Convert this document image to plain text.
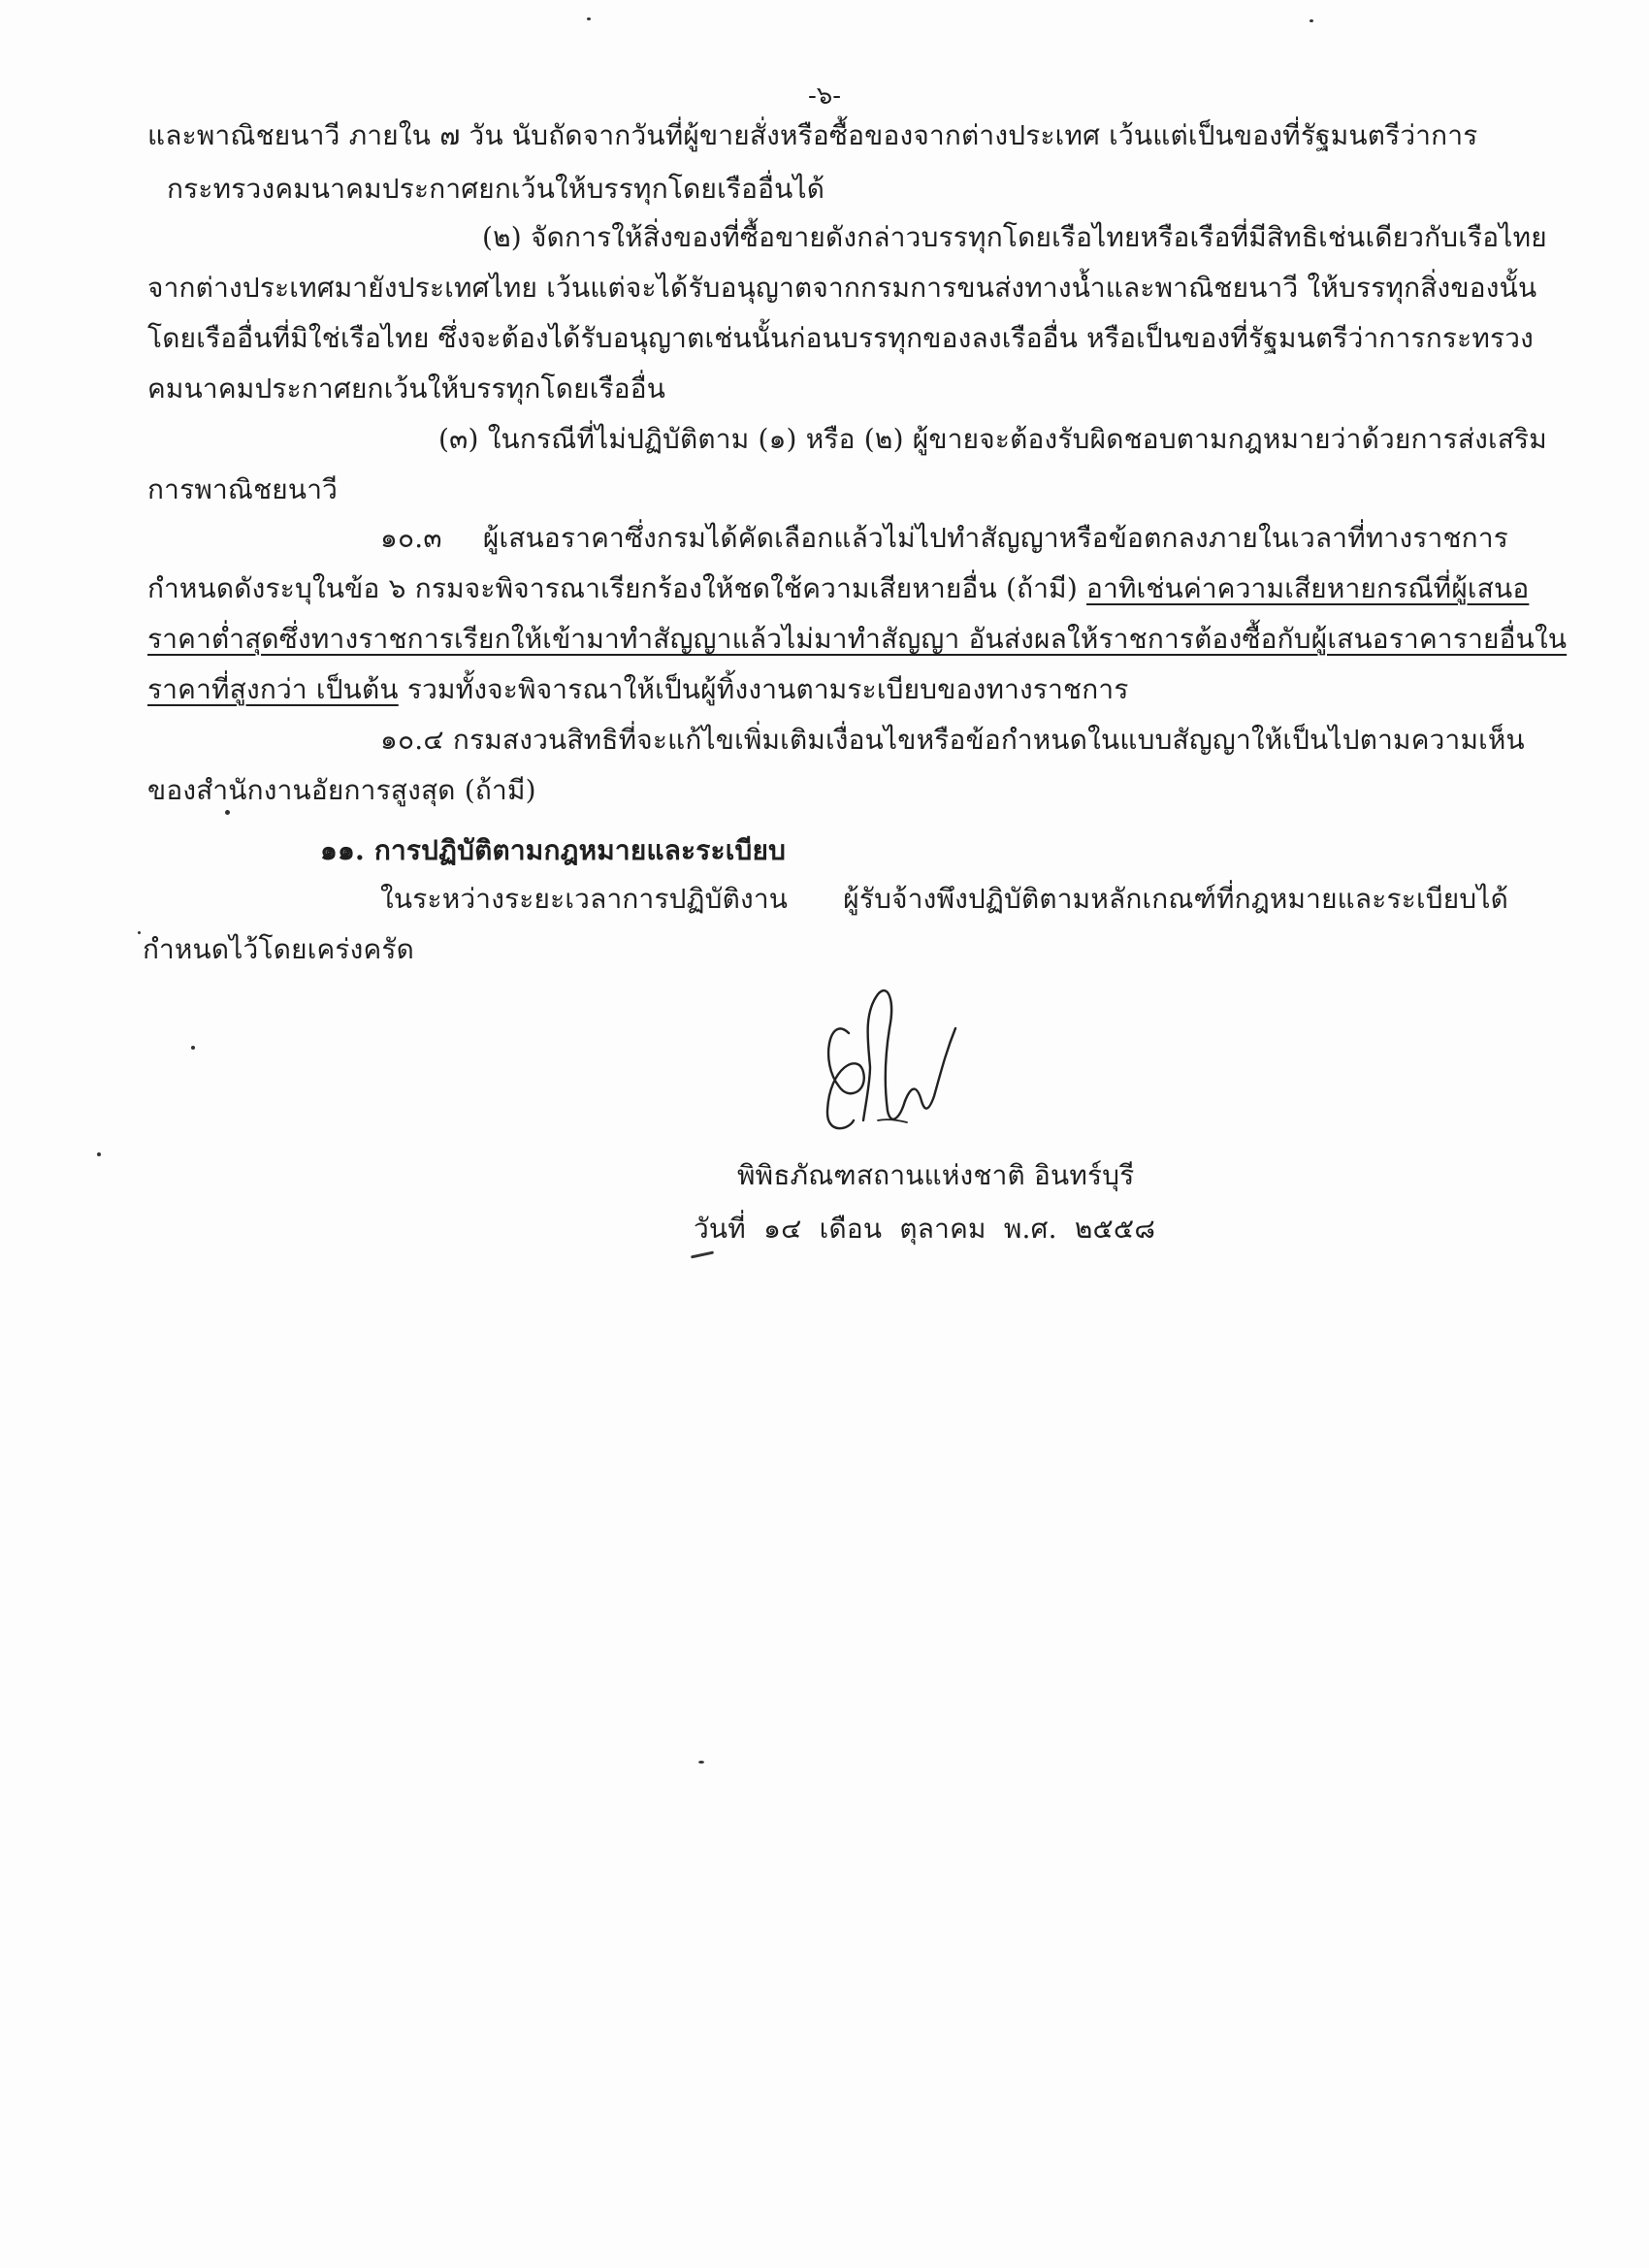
-๖-
และพาณิชยนาวี ภายใน ๗ วัน นับถัดจากวันที่ผู้ขายสั่งหรือซื้อของจากต่างประเทศ เว้นแต่เป็นของที่รัฐมนตรีว่าการ
กระทรวงคมนาคมประกาศยกเว้นให้บรรทุกโดยเรืออื่นได้
(๒) จัดการให้สิ่งของที่ซื้อขายดังกล่าวบรรทุกโดยเรือไทยหรือเรือที่มีสิทธิเช่นเดียวกับเรือไทย
จากต่างประเทศมายังประเทศไทย เว้นแต่จะได้รับอนุญาตจากกรมการขนส่งทางน้ำและพาณิชยนาวี ให้บรรทุกสิ่งของนั้น
โดยเรืออื่นที่มิใช่เรือไทย ซึ่งจะต้องได้รับอนุญาตเช่นนั้นก่อนบรรทุกของลงเรืออื่น หรือเป็นของที่รัฐมนตรีว่าการกระทรวง
คมนาคมประกาศยกเว้นให้บรรทุกโดยเรืออื่น
(๓) ในกรณีที่ไม่ปฏิบัติตาม (๑) หรือ (๒) ผู้ขายจะต้องรับผิดชอบตามกฎหมายว่าด้วยการส่งเสริม
การพาณิชยนาวี
๑๐.๓ ผู้เสนอราคาซึ่งกรมได้คัดเลือกแล้วไม่ไปทำสัญญาหรือข้อตกลงภายในเวลาที่ทางราชการ
กำหนดดังระบุในข้อ ๖ กรมจะพิจารณาเรียกร้องให้ชดใช้ความเสียหายอื่น (ถ้ามี) อาทิเช่นค่าความเสียหายกรณีที่ผู้เสนอ
ราคาต่ำสุดซึ่งทางราชการเรียกให้เข้ามาทำสัญญาแล้วไม่มาทำสัญญา อันส่งผลให้ราชการต้องซื้อกับผู้เสนอราคารายอื่นใน
ราคาที่สูงกว่า เป็นต้น รวมทั้งจะพิจารณาให้เป็นผู้ทิ้งงานตามระเบียบของทางราชการ
๑๐.๔ กรมสงวนสิทธิที่จะแก้ไขเพิ่มเติมเงื่อนไขหรือข้อกำหนดในแบบสัญญาให้เป็นไปตามความเห็น
ของสำนักงานอัยการสูงสุด (ถ้ามี)
๑๑. การปฏิบัติตามกฎหมายและระเบียบ
ในระหว่างระยะเวลาการปฏิบัติงาน ผู้รับจ้างพึงปฏิบัติตามหลักเกณฑ์ที่กฎหมายและระเบียบได้
กำหนดไว้โดยเคร่งครัด
พิพิธภัณฑสถานแห่งชาติ อินทร์บุรี
วันที่  ๑๔  เดือน  ตุลาคม  พ.ศ.  ๒๕๕๘
